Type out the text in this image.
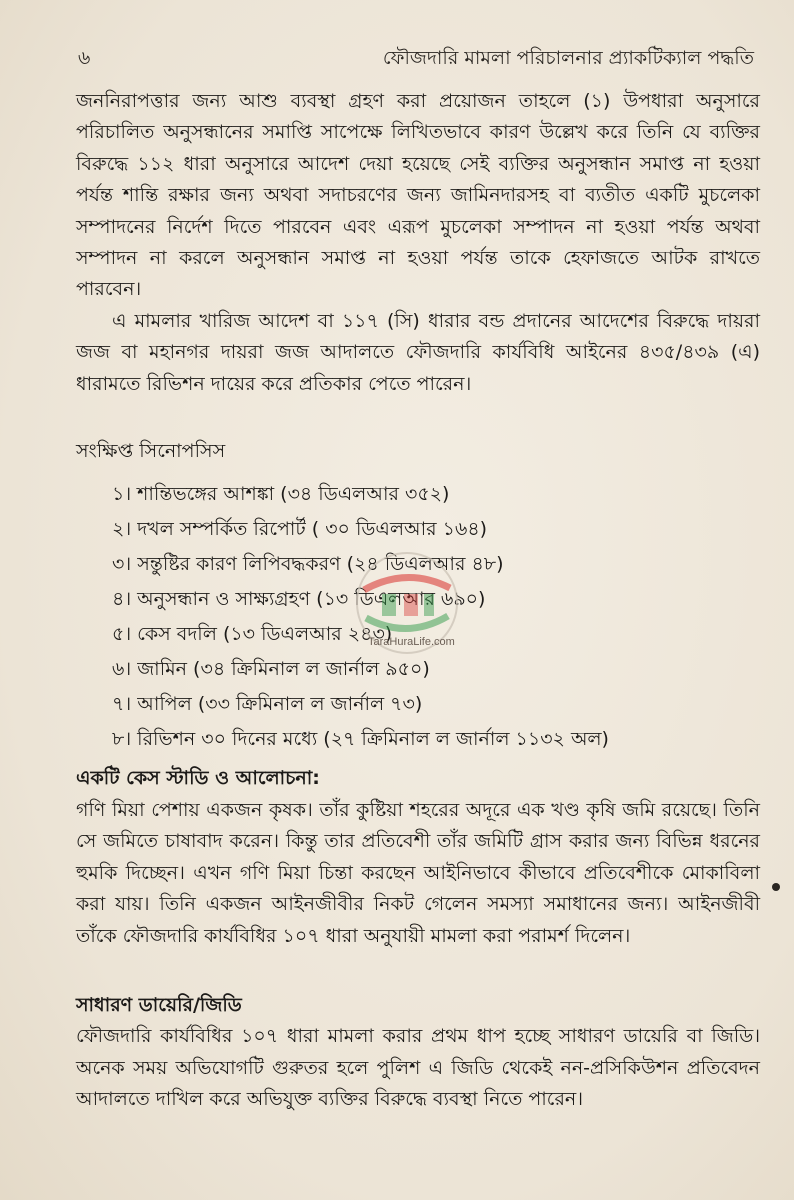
৬	ফৌজদারি মামলা পরিচালনার প্র্যাকটিক্যাল পদ্ধতি

জননিরাপত্তার জন্য আশু ব্যবস্থা গ্রহণ করা প্রয়োজন তাহলে (১) উপধারা অনুসারে পরিচালিত অনুসন্ধানের সমাপ্তি সাপেক্ষে লিখিতভাবে কারণ উল্লেখ করে তিনি যে ব্যক্তির বিরুদ্ধে ১১২ ধারা অনুসারে আদেশ দেয়া হয়েছে সেই ব্যক্তির অনুসন্ধান সমাপ্ত না হওয়া পর্যন্ত শান্তি রক্ষার জন্য অথবা সদাচরণের জন্য জামিনদারসহ বা ব্যতীত একটি মুচলেকা সম্পাদনের নির্দেশ দিতে পারবেন এবং এরূপ মুচলেকা সম্পাদন না হওয়া পর্যন্ত অথবা সম্পাদন না করলে অনুসন্ধান সমাপ্ত না হওয়া পর্যন্ত তাকে হেফাজতে আটক রাখতে পারবেন।

এ মামলার খারিজ আদেশ বা ১১৭ (সি) ধারার বন্ড প্রদানের আদেশের বিরুদ্ধে দায়রা জজ বা মহানগর দায়রা জজ আদালতে ফৌজদারি কার্যবিধি আইনের ৪৩৫/৪৩৯ (এ) ধারামতে রিভিশন দায়ের করে প্রতিকার পেতে পারেন।

সংক্ষিপ্ত সিনোপসিস

১। শান্তিভঙ্গের আশঙ্কা (৩৪ ডিএলআর ৩৫২)
২। দখল সম্পর্কিত রিপোর্ট ( ৩০ ডিএলআর ১৬৪)
৩। সন্তুষ্টির কারণ লিপিবদ্ধকরণ (২৪ ডিএলআর ৪৮)
৪। অনুসন্ধান ও সাক্ষ্যগ্রহণ (১৩ ডিএলআর ৬৯০)
৫। কেস বদলি (১৩ ডিএলআর ২৪৩)
৬। জামিন (৩৪ ক্রিমিনাল ল জার্নাল ৯৫০)
৭। আপিল (৩৩ ক্রিমিনাল ল জার্নাল ৭৩)
৮। রিভিশন ৩০ দিনের মধ্যে (২৭ ক্রিমিনাল ল জার্নাল ১১৩২ অল)

একটি কেস স্টাডি ও আলোচনা:

গণি মিয়া পেশায় একজন কৃষক। তাঁর কুষ্টিয়া শহরের অদূরে এক খণ্ড কৃষি জমি রয়েছে। তিনি সে জমিতে চাষাবাদ করেন। কিন্তু তার প্রতিবেশী তাঁর জমিটি গ্রাস করার জন্য বিভিন্ন ধরনের হুমকি দিচ্ছেন। এখন গণি মিয়া চিন্তা করছেন আইনিভাবে কীভাবে প্রতিবেশীকে মোকাবিলা করা যায়। তিনি একজন আইনজীবীর নিকট গেলেন সমস্যা সমাধানের জন্য। আইনজীবী তাঁকে ফৌজদারি কার্যবিধির ১০৭ ধারা অনুযায়ী মামলা করা পরামর্শ দিলেন।

সাধারণ ডায়েরি/জিডি

ফৌজদারি কার্যবিধির ১০৭ ধারা মামলা করার প্রথম ধাপ হচ্ছে সাধারণ ডায়েরি বা জিডি। অনেক সময় অভিযোগটি গুরুতর হলে পুলিশ এ জিডি থেকেই নন-প্রসিকিউশন প্রতিবেদন আদালতে দাখিল করে অভিযুক্ত ব্যক্তির বিরুদ্ধে ব্যবস্থা নিতে পারেন।

TaraHuraLife.com
